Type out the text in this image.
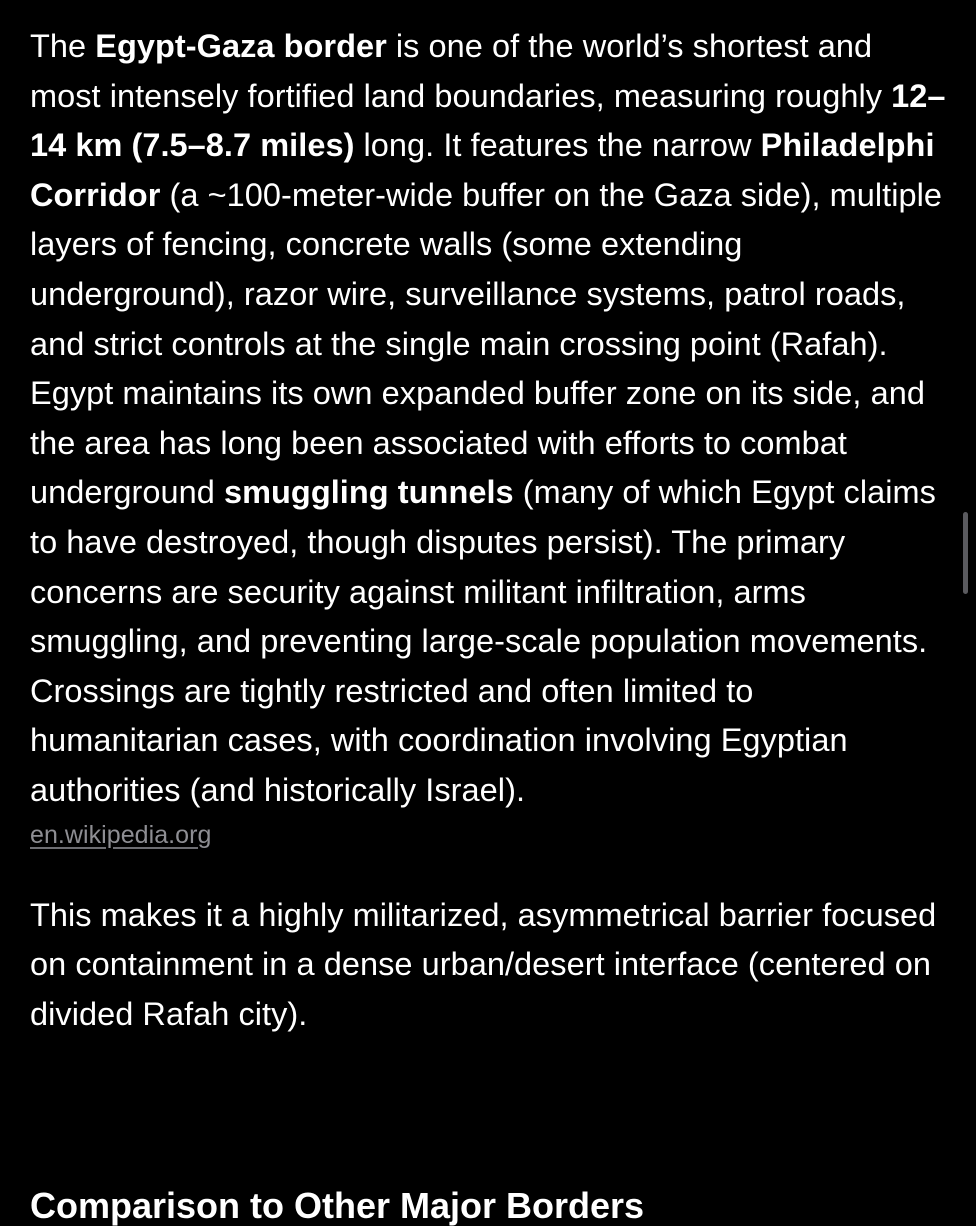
The Egypt-Gaza border is one of the world’s shortest and most intensely fortified land boundaries, measuring roughly 12–14 km (7.5–8.7 miles) long. It features the narrow Philadelphi Corridor (a ~100-meter-wide buffer on the Gaza side), multiple layers of fencing, concrete walls (some extending underground), razor wire, surveillance systems, patrol roads, and strict controls at the single main crossing point (Rafah). Egypt maintains its own expanded buffer zone on its side, and the area has long been associated with efforts to combat underground smuggling tunnels (many of which Egypt claims to have destroyed, though disputes persist). The primary concerns are security against militant infiltration, arms smuggling, and preventing large-scale population movements. Crossings are tightly restricted and often limited to humanitarian cases, with coordination involving Egyptian authorities (and historically Israel).
en.wikipedia.org

This makes it a highly militarized, asymmetrical barrier focused on containment in a dense urban/desert interface (centered on divided Rafah city).

Comparison to Other Major Borders
